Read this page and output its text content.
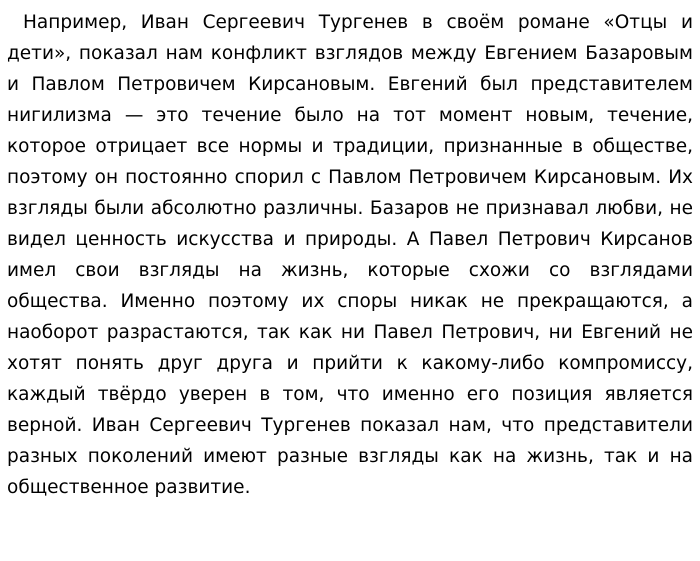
Например, Иван Сергеевич Тургенев в своём романе «Отцы и дети», показал нам конфликт взглядов между Евгением Базаровым и Павлом Петровичем Кирсановым. Евгений был представителем нигилизма — это течение было на тот момент новым, течение, которое отрицает все нормы и традиции, признанные в обществе, поэтому он постоянно спорил с Павлом Петровичем Кирсановым. Их взгляды были абсолютно различны. Базаров не признавал любви, не видел ценность искусства и природы. А Павел Петрович Кирсанов имел свои взгляды на жизнь, которые схожи со взглядами общества. Именно поэтому их споры никак не прекращаются, а наоборот разрастаются, так как ни Павел Петрович, ни Евгений не хотят понять друг друга и прийти к какому-либо компромиссу, каждый твёрдо уверен в том, что именно его позиция является верной. Иван Сергеевич Тургенев показал нам, что представители разных поколений имеют разные взгляды как на жизнь, так и на общественное развитие.
